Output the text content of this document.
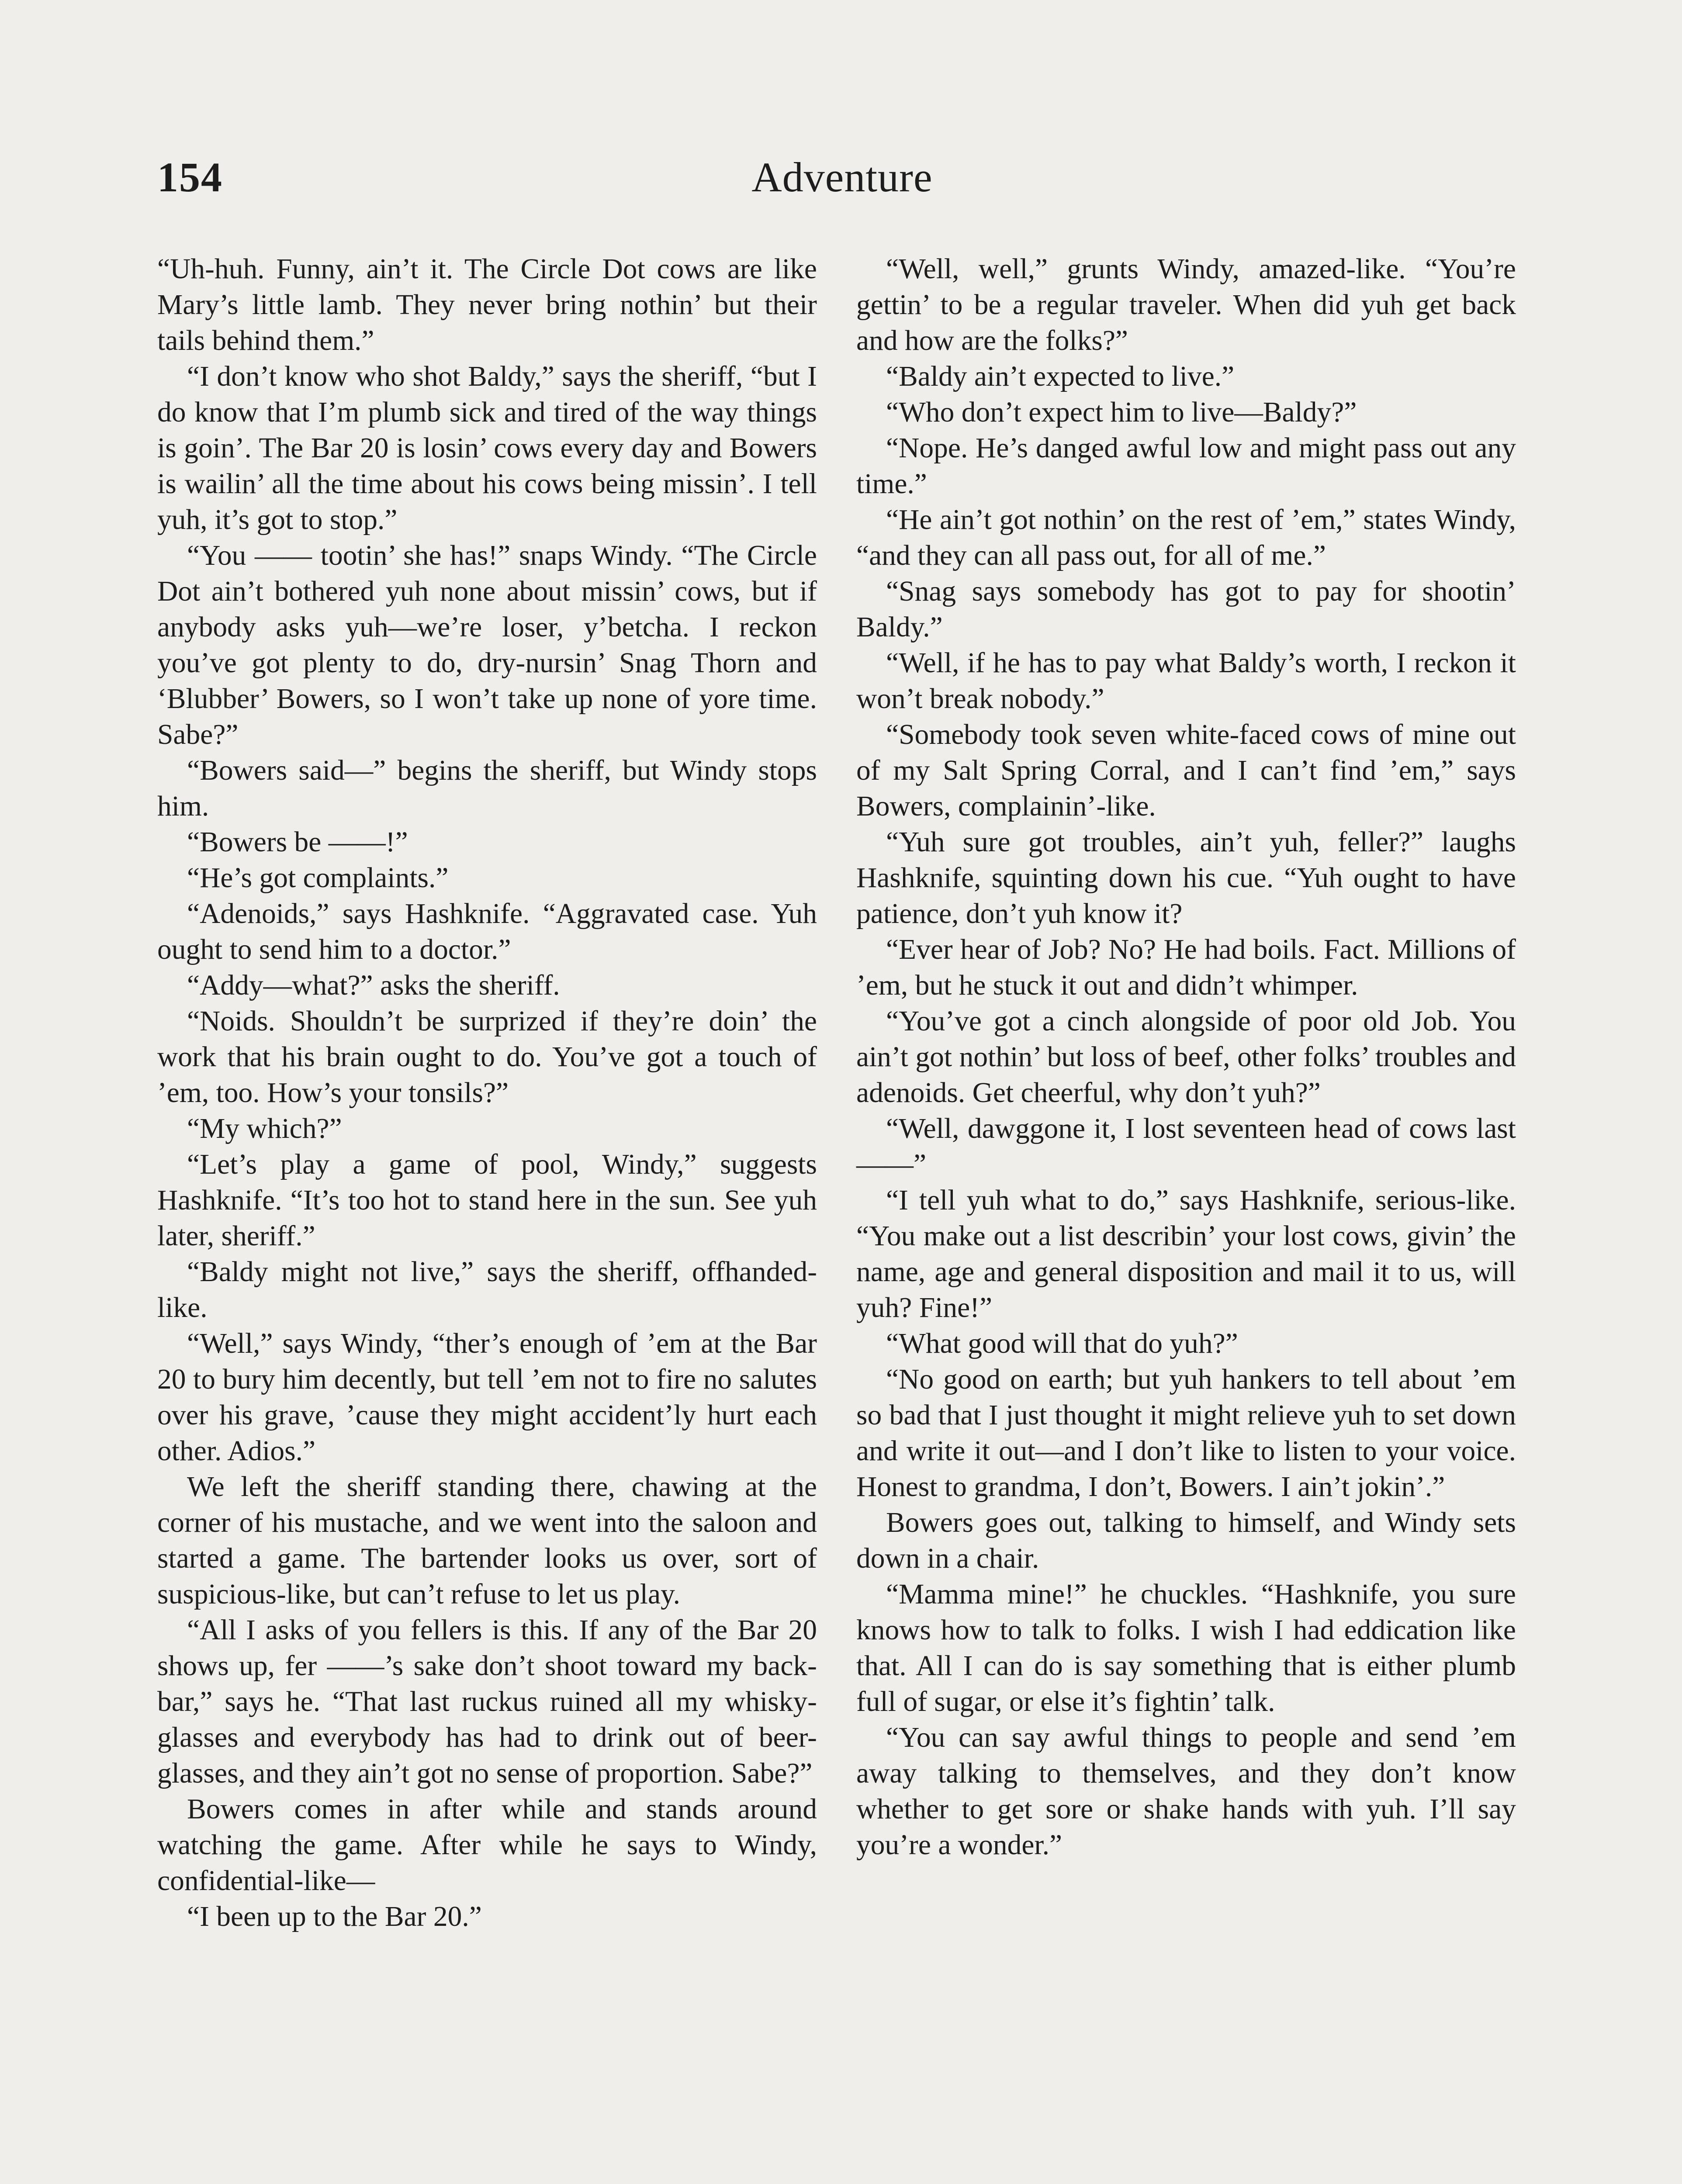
154	Adventure

“Uh-huh. Funny, ain’t it. The Circle Dot cows are like Mary’s little lamb. They never bring nothin’ but their tails behind them.”

“I don’t know who shot Baldy,” says the sheriff, “but I do know that I’m plumb sick and tired of the way things is goin’. The Bar 20 is losin’ cows every day and Bowers is wailin’ all the time about his cows being missin’. I tell yuh, it’s got to stop.”

“You —— tootin’ she has!” snaps Windy. “The Circle Dot ain’t bothered yuh none about missin’ cows, but if anybody asks yuh—we’re loser, y’betcha. I reckon you’ve got plenty to do, dry-nursin’ Snag Thorn and ‘Blubber’ Bowers, so I won’t take up none of yore time. Sabe?”

“Bowers said—” begins the sheriff, but Windy stops him.

“Bowers be ——!”

“He’s got complaints.”

“Adenoids,” says Hashknife. “Aggravated case. Yuh ought to send him to a doctor.”

“Addy—what?” asks the sheriff.

“Noids. Shouldn’t be surprized if they’re doin’ the work that his brain ought to do. You’ve got a touch of ’em, too. How’s your tonsils?”

“My which?”

“Let’s play a game of pool, Windy,” suggests Hashknife. “It’s too hot to stand here in the sun. See yuh later, sheriff.”

“Baldy might not live,” says the sheriff, offhanded-like.

“Well,” says Windy, “ther’s enough of ’em at the Bar 20 to bury him decently, but tell ’em not to fire no salutes over his grave, ’cause they might accident’ly hurt each other. Adios.”

We left the sheriff standing there, chawing at the corner of his mustache, and we went into the saloon and started a game. The bartender looks us over, sort of suspicious-like, but can’t refuse to let us play.

“All I asks of you fellers is this. If any of the Bar 20 shows up, fer ——’s sake don’t shoot toward my back-bar,” says he. “That last ruckus ruined all my whisky-glasses and everybody has had to drink out of beer-glasses, and they ain’t got no sense of proportion. Sabe?”

Bowers comes in after while and stands around watching the game. After while he says to Windy, confidential-like—

“I been up to the Bar 20.”

“Well, well,” grunts Windy, amazed-like. “You’re gettin’ to be a regular traveler. When did yuh get back and how are the folks?”

“Baldy ain’t expected to live.”

“Who don’t expect him to live—Baldy?”

“Nope. He’s danged awful low and might pass out any time.”

“He ain’t got nothin’ on the rest of ’em,” states Windy, “and they can all pass out, for all of me.”

“Snag says somebody has got to pay for shootin’ Baldy.”

“Well, if he has to pay what Baldy’s worth, I reckon it won’t break nobody.”

“Somebody took seven white-faced cows of mine out of my Salt Spring Corral, and I can’t find ’em,” says Bowers, complainin’-like.

“Yuh sure got troubles, ain’t yuh, feller?” laughs Hashknife, squinting down his cue. “Yuh ought to have patience, don’t yuh know it?

“Ever hear of Job? No? He had boils. Fact. Millions of ’em, but he stuck it out and didn’t whimper.

“You’ve got a cinch alongside of poor old Job. You ain’t got nothin’ but loss of beef, other folks’ troubles and adenoids. Get cheerful, why don’t yuh?”

“Well, dawggone it, I lost seventeen head of cows last——”

“I tell yuh what to do,” says Hashknife, serious-like. “You make out a list describin’ your lost cows, givin’ the name, age and general disposition and mail it to us, will yuh? Fine!”

“What good will that do yuh?”

“No good on earth; but yuh hankers to tell about ’em so bad that I just thought it might relieve yuh to set down and write it out—and I don’t like to listen to your voice. Honest to grandma, I don’t, Bowers. I ain’t jokin’.”

Bowers goes out, talking to himself, and Windy sets down in a chair.

“Mamma mine!” he chuckles. “Hashknife, you sure knows how to talk to folks. I wish I had eddication like that. All I can do is say something that is either plumb full of sugar, or else it’s fightin’ talk.

“You can say awful things to people and send ’em away talking to themselves, and they don’t know whether to get sore or shake hands with yuh. I’ll say you’re a wonder.”
